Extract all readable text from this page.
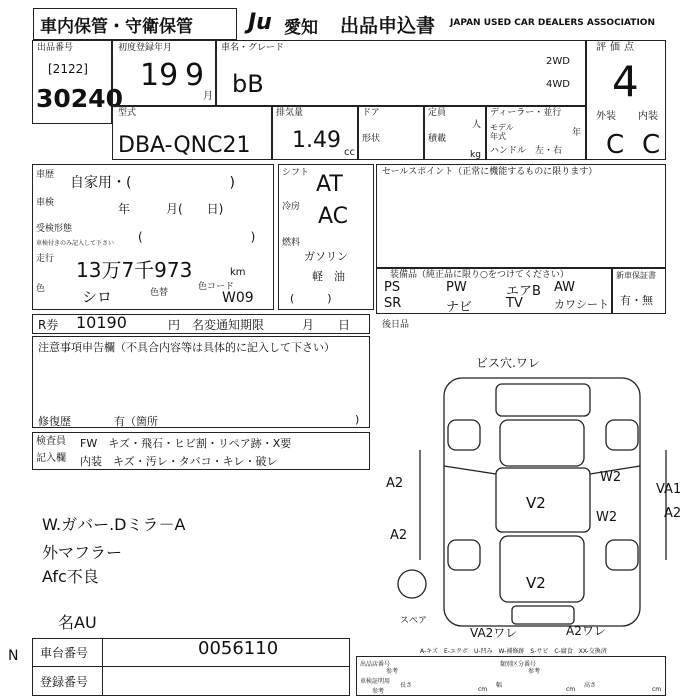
車内保管・守衛保管	Ju 愛知 出品申込書 JAPAN USED CAR DEALERS ASSOCIATION
出品番号
[2122]
30240
初度登録年月
19 9
月
車名・グレード
bB
2WD
4WD
評価点
4
外装 内装
C C
型式
DBA-QNC21
排気量
1.49 cc
ドア
形状
定員
人
積載
kg
ディーラー・並行
モデル
年式	年
ハンドル　左・右
車歴 自家用・(　　　　　　　)
車検	年　　　月(　　日)
受検形態
車検付きのみ記入して下さい (　　　　　　　　　)
走行 13万7千973	km
色 シロ	色替
色コード
W09
シフト AT
冷房 AC
燃料
ガソリン
軽　油
(　　　)
セールスポイント（正常に機能するものに限ります）
装備品（純正品に限り○をつけてください）
PS	PW	エアB AW
SR	ナビ	TV	カワシート
新車保証書
有・無
R券 10190	円 名変通知期限	月　　日	後日品
注意事項申告欄（不具合内容等は具体的に記入して下さい）
修復歴	有（箇所	)
検査員
記入欄
FW　キズ・飛石・ヒビ割・リペア跡・X要
内装　キズ・汚レ・タバコ・キレ・破レ
W.ガバー.Dミラ－A
外マフラー
Afc不良
名AU
ビス穴.ワレ
A2
A2
W2
W2
V2
V2
VA1
A2
スペア
VA2ワレ	A2ワレ
A-キズ　E-エクボ　U-凹み　W-補修跡　S-サビ　C-腐食　XX-交換済
車台番号	0056110
登録番号
N
出品店番号
参考
類別区分番号
参考
車検証明用
参考
長さ
cm
幅
cm
高さ
cm
